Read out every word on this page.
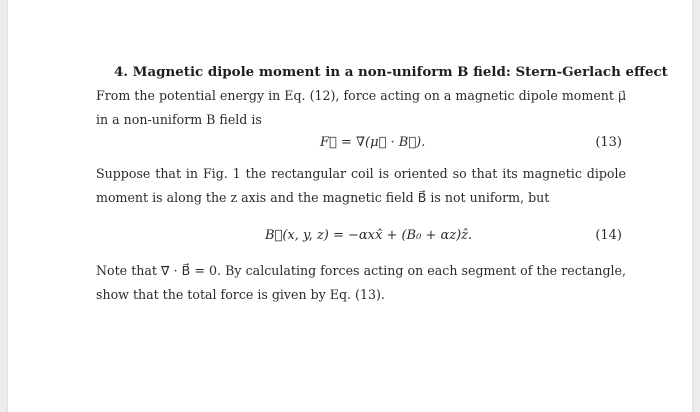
4. Magnetic dipole moment in a non-uniform B field: Stern-Gerlach effect
From the potential energy in Eq. (12), force acting on a magnetic dipole moment μ⃗ in a non-uniform B field is
F⃗ = ∇(μ⃗ · B⃗).	(13)
Suppose that in Fig. 1 the rectangular coil is oriented so that its magnetic dipole moment is along the z axis and the magnetic field B⃗ is not uniform, but
B⃗(x, y, z) = −αxx̂ + (B₀ + αz)ẑ.	(14)
Note that ∇⃗ · B⃗ = 0. By calculating forces acting on each segment of the rectangle, show that the total force is given by Eq. (13).
